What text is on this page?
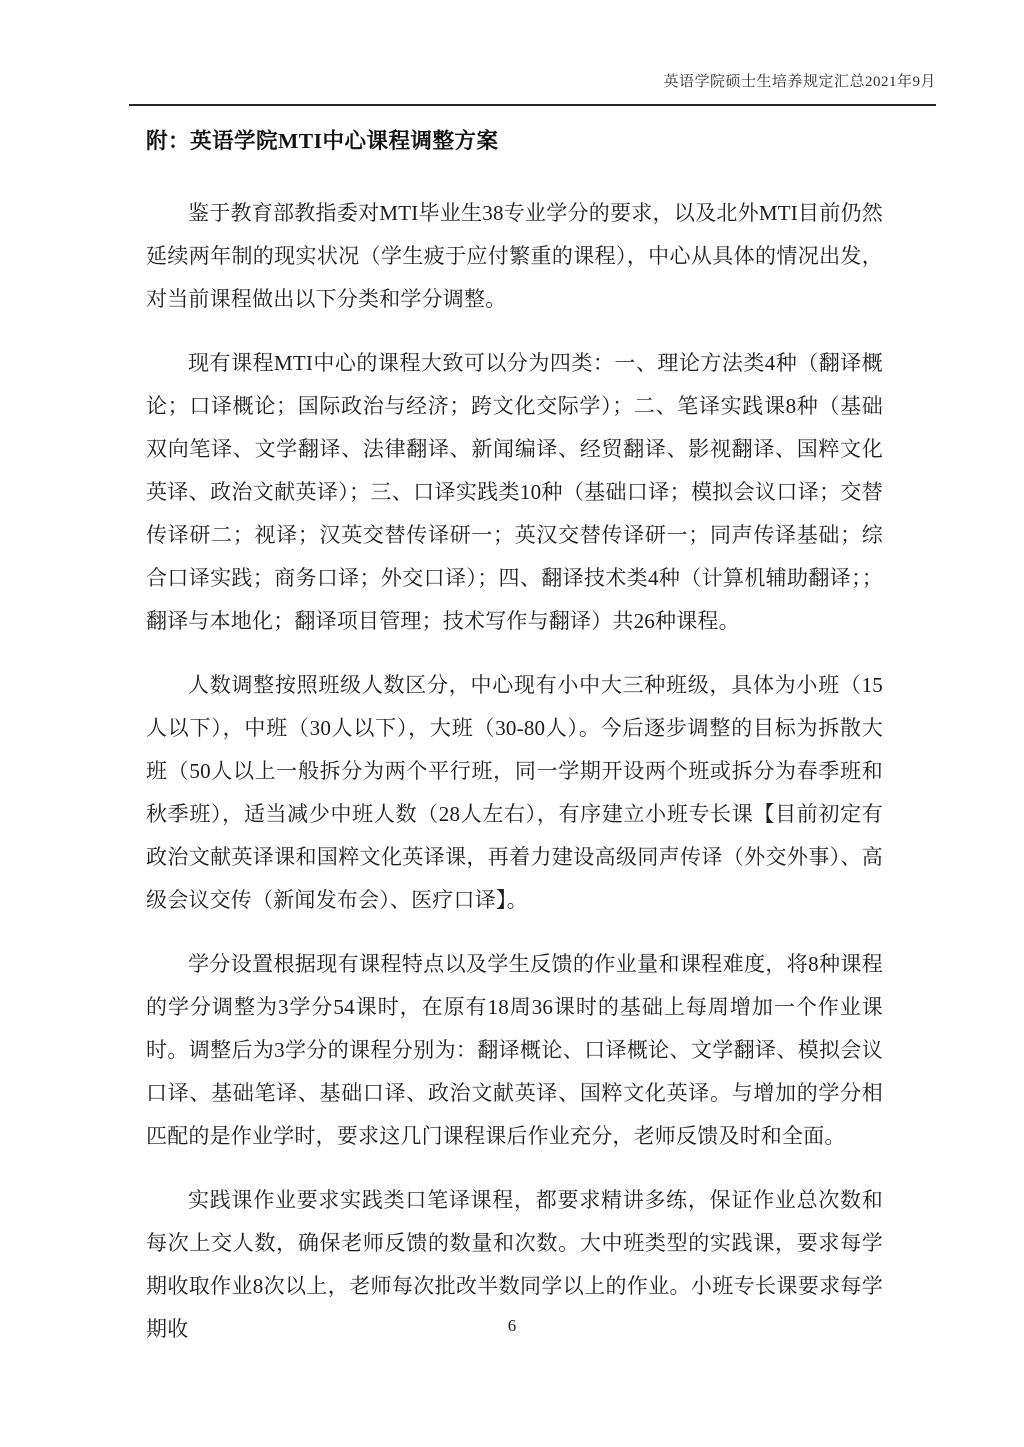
英语学院硕士生培养规定汇总2021年9月
附：英语学院MTI中心课程调整方案

鉴于教育部教指委对MTI毕业生38专业学分的要求，以及北外MTI目前仍然延续两年制的现实状况（学生疲于应付繁重的课程），中心从具体的情况出发，对当前课程做出以下分类和学分调整。

现有课程MTI中心的课程大致可以分为四类：一、理论方法类4种（翻译概论；口译概论；国际政治与经济；跨文化交际学）；二、笔译实践课8种（基础双向笔译、文学翻译、法律翻译、新闻编译、经贸翻译、影视翻译、国粹文化英译、政治文献英译）；三、口译实践类10种（基础口译；模拟会议口译；交替传译研二；视译；汉英交替传译研一；英汉交替传译研一；同声传译基础；综合口译实践；商务口译；外交口译）；四、翻译技术类4种（计算机辅助翻译；；翻译与本地化；翻译项目管理；技术写作与翻译）共26种课程。

人数调整按照班级人数区分，中心现有小中大三种班级，具体为小班（15人以下），中班（30人以下），大班（30-80人）。今后逐步调整的目标为拆散大班（50人以上一般拆分为两个平行班，同一学期开设两个班或拆分为春季班和秋季班），适当减少中班人数（28人左右），有序建立小班专长课【目前初定有政治文献英译课和国粹文化英译课，再着力建设高级同声传译（外交外事）、高级会议交传（新闻发布会）、医疗口译】。

学分设置根据现有课程特点以及学生反馈的作业量和课程难度，将8种课程的学分调整为3学分54课时，在原有18周36课时的基础上每周增加一个作业课时。调整后为3学分的课程分别为：翻译概论、口译概论、文学翻译、模拟会议口译、基础笔译、基础口译、政治文献英译、国粹文化英译。与增加的学分相匹配的是作业学时，要求这几门课程课后作业充分，老师反馈及时和全面。

实践课作业要求实践类口笔译课程，都要求精讲多练，保证作业总次数和每次上交人数，确保老师反馈的数量和次数。大中班类型的实践课，要求每学期收取作业8次以上，老师每次批改半数同学以上的作业。小班专长课要求每学期收	6
